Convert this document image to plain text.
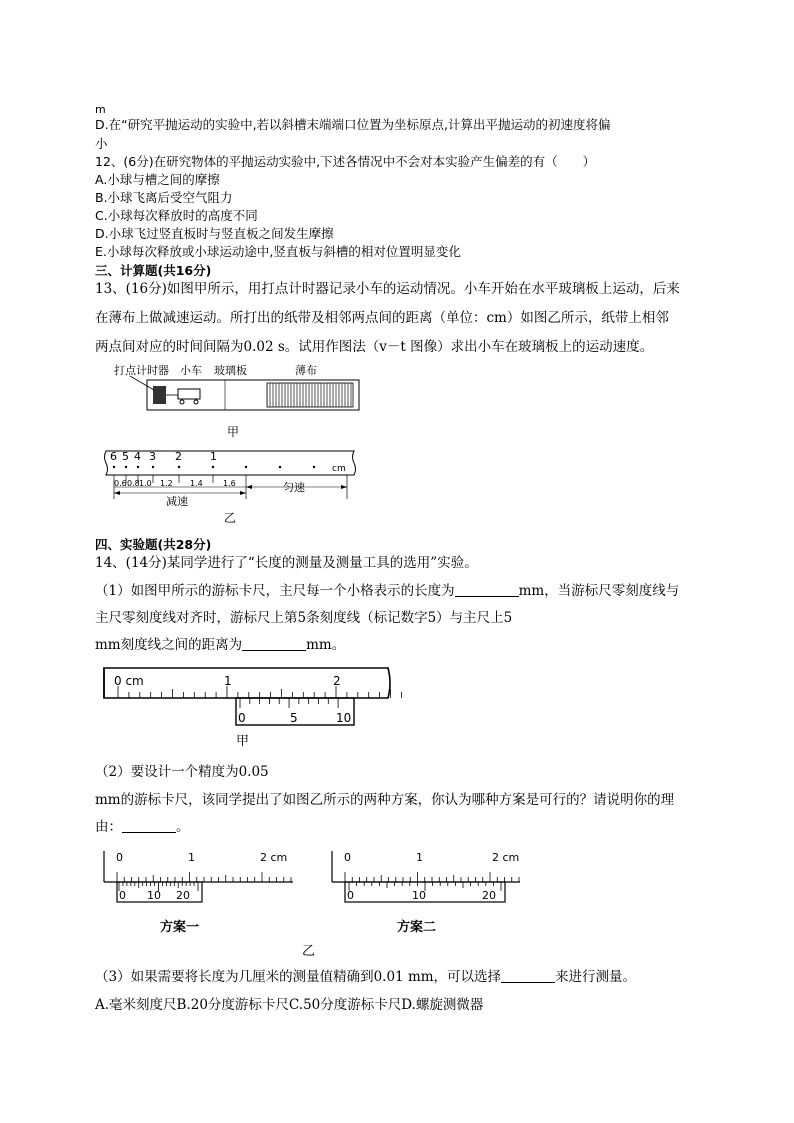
m
D.在“研究平抛运动的实验中,若以斜槽末端端口位置为坐标原点,计算出平抛运动的初速度将偏
小
12、(6分)在研究物体的平抛运动实验中,下述各情况中不会对本实验产生偏差的有（　　）
A.小球与槽之间的摩擦
B.小球飞离后受空气阻力
C.小球每次释放时的高度不同
D.小球飞过竖直板时与竖直板之间发生摩擦
E.小球每次释放或小球运动途中,竖直板与斜槽的相对位置明显变化
三、计算题(共16分)
13、(16分)如图甲所示，用打点计时器记录小车的运动情况。小车开始在水平玻璃板上运动，后来
在薄布上做减速运动。所打出的纸带及相邻两点间的距离（单位：cm）如图乙所示，纸带上相邻
两点间对应的时间间隔为0.02 s。试用作图法（v－t 图像）求出小车在玻璃板上的运动速度。
打点计时器 小车 玻璃板	薄布
甲
6 5 4 3 2	1
cm
0.6 0.8 1.0 1.2 1.4	1.6	匀速
减速
乙
四、实验题(共28分)
14、(14分)某同学进行了“长度的测量及测量工具的选用”实验。
（1）如图甲所示的游标卡尺，主尺每一个小格表示的长度为	mm，当游标尺零刻度线与
主尺零刻度线对齐时，游标尺上第5条刻度线（标记数字5）与主尺上5
mm刻度线之间的距离为	mm。
0 cm	1	2
0	5	10
甲
（2）要设计一个精度为0.05
mm的游标卡尺，该同学提出了如图乙所示的两种方案，你认为哪种方案是可行的？请说明你的理
由：	。
0	1	2 cm
0 10 20
方案一
0	1	2 cm
0	10	20
方案二
乙
（3）如果需要将长度为几厘米的测量值精确到0.01 mm，可以选择	来进行测量。
A.毫米刻度尺B.20分度游标卡尺C.50分度游标卡尺D.螺旋测微器
